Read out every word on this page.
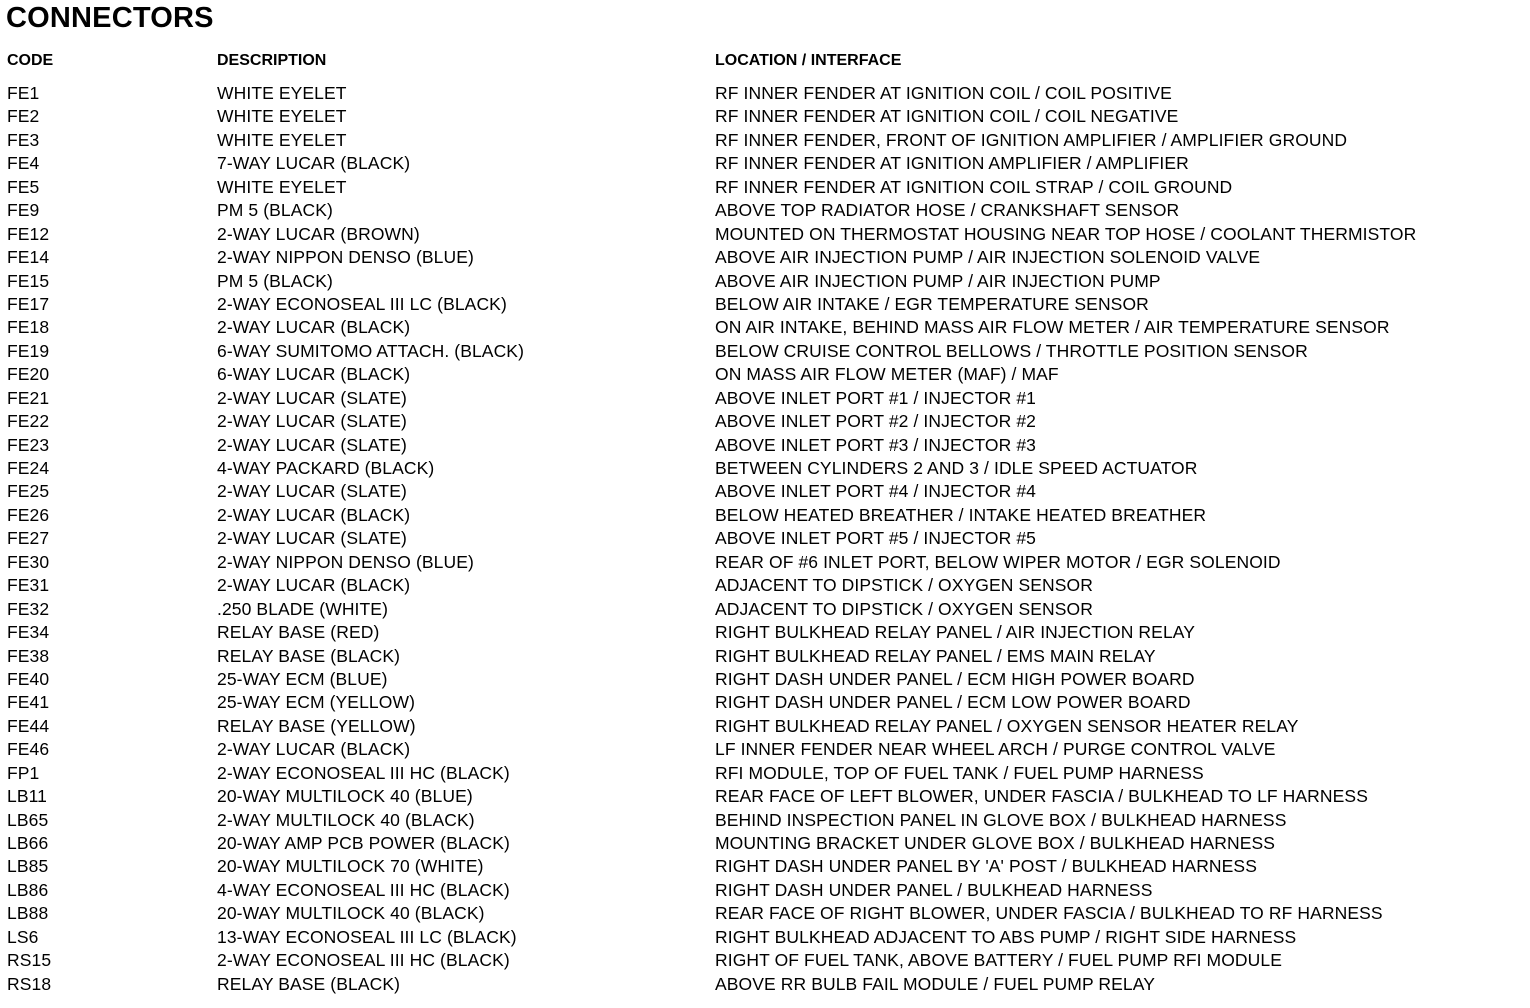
CONNECTORS
CODE	DESCRIPTION	LOCATION / INTERFACE
FE1	WHITE EYELET	RF INNER FENDER AT IGNITION COIL / COIL POSITIVE
FE2	WHITE EYELET	RF INNER FENDER AT IGNITION COIL / COIL NEGATIVE
FE3	WHITE EYELET	RF INNER FENDER, FRONT OF IGNITION AMPLIFIER / AMPLIFIER GROUND
FE4	7-WAY LUCAR (BLACK)	RF INNER FENDER AT IGNITION AMPLIFIER / AMPLIFIER
FE5	WHITE EYELET	RF INNER FENDER AT IGNITION COIL STRAP / COIL GROUND
FE9	PM 5 (BLACK)	ABOVE TOP RADIATOR HOSE / CRANKSHAFT SENSOR
FE12	2-WAY LUCAR (BROWN)	MOUNTED ON THERMOSTAT HOUSING NEAR TOP HOSE / COOLANT THERMISTOR
FE14	2-WAY NIPPON DENSO (BLUE)	ABOVE AIR INJECTION PUMP / AIR INJECTION SOLENOID VALVE
FE15	PM 5 (BLACK)	ABOVE AIR INJECTION PUMP / AIR INJECTION PUMP
FE17	2-WAY ECONOSEAL III LC (BLACK)	BELOW AIR INTAKE / EGR TEMPERATURE SENSOR
FE18	2-WAY LUCAR (BLACK)	ON AIR INTAKE, BEHIND MASS AIR FLOW METER / AIR TEMPERATURE SENSOR
FE19	6-WAY SUMITOMO ATTACH. (BLACK)	BELOW CRUISE CONTROL BELLOWS / THROTTLE POSITION SENSOR
FE20	6-WAY LUCAR (BLACK)	ON MASS AIR FLOW METER (MAF) / MAF
FE21	2-WAY LUCAR (SLATE)	ABOVE INLET PORT #1 / INJECTOR #1
FE22	2-WAY LUCAR (SLATE)	ABOVE INLET PORT #2 / INJECTOR #2
FE23	2-WAY LUCAR (SLATE)	ABOVE INLET PORT #3 / INJECTOR #3
FE24	4-WAY PACKARD (BLACK)	BETWEEN CYLINDERS 2 AND 3 / IDLE SPEED ACTUATOR
FE25	2-WAY LUCAR (SLATE)	ABOVE INLET PORT #4 / INJECTOR #4
FE26	2-WAY LUCAR (BLACK)	BELOW HEATED BREATHER / INTAKE HEATED BREATHER
FE27	2-WAY LUCAR (SLATE)	ABOVE INLET PORT #5 / INJECTOR #5
FE30	2-WAY NIPPON DENSO (BLUE)	REAR OF #6 INLET PORT, BELOW WIPER MOTOR / EGR SOLENOID
FE31	2-WAY LUCAR (BLACK)	ADJACENT TO DIPSTICK / OXYGEN SENSOR
FE32	.250 BLADE (WHITE)	ADJACENT TO DIPSTICK / OXYGEN SENSOR
FE34	RELAY BASE (RED)	RIGHT BULKHEAD RELAY PANEL / AIR INJECTION RELAY
FE38	RELAY BASE (BLACK)	RIGHT BULKHEAD RELAY PANEL / EMS MAIN RELAY
FE40	25-WAY ECM (BLUE)	RIGHT DASH UNDER PANEL / ECM HIGH POWER BOARD
FE41	25-WAY ECM (YELLOW)	RIGHT DASH UNDER PANEL / ECM LOW POWER BOARD
FE44	RELAY BASE (YELLOW)	RIGHT BULKHEAD RELAY PANEL / OXYGEN SENSOR HEATER RELAY
FE46	2-WAY LUCAR (BLACK)	LF INNER FENDER NEAR WHEEL ARCH / PURGE CONTROL VALVE
FP1	2-WAY ECONOSEAL III HC (BLACK)	RFI MODULE, TOP OF FUEL TANK / FUEL PUMP HARNESS
LB11	20-WAY MULTILOCK 40 (BLUE)	REAR FACE OF LEFT BLOWER, UNDER FASCIA / BULKHEAD TO LF HARNESS
LB65	2-WAY MULTILOCK 40 (BLACK)	BEHIND INSPECTION PANEL IN GLOVE BOX / BULKHEAD HARNESS
LB66	20-WAY AMP PCB POWER (BLACK)	MOUNTING BRACKET UNDER GLOVE BOX / BULKHEAD HARNESS
LB85	20-WAY MULTILOCK 70 (WHITE)	RIGHT DASH UNDER PANEL BY 'A' POST / BULKHEAD HARNESS
LB86	4-WAY ECONOSEAL III HC (BLACK)	RIGHT DASH UNDER PANEL / BULKHEAD HARNESS
LB88	20-WAY MULTILOCK 40 (BLACK)	REAR FACE OF RIGHT BLOWER, UNDER FASCIA / BULKHEAD TO RF HARNESS
LS6	13-WAY ECONOSEAL III LC (BLACK)	RIGHT BULKHEAD ADJACENT TO ABS PUMP / RIGHT SIDE HARNESS
RS15	2-WAY ECONOSEAL III HC (BLACK)	RIGHT OF FUEL TANK, ABOVE BATTERY / FUEL PUMP RFI MODULE
RS18	RELAY BASE (BLACK)	ABOVE RR BULB FAIL MODULE / FUEL PUMP RELAY
